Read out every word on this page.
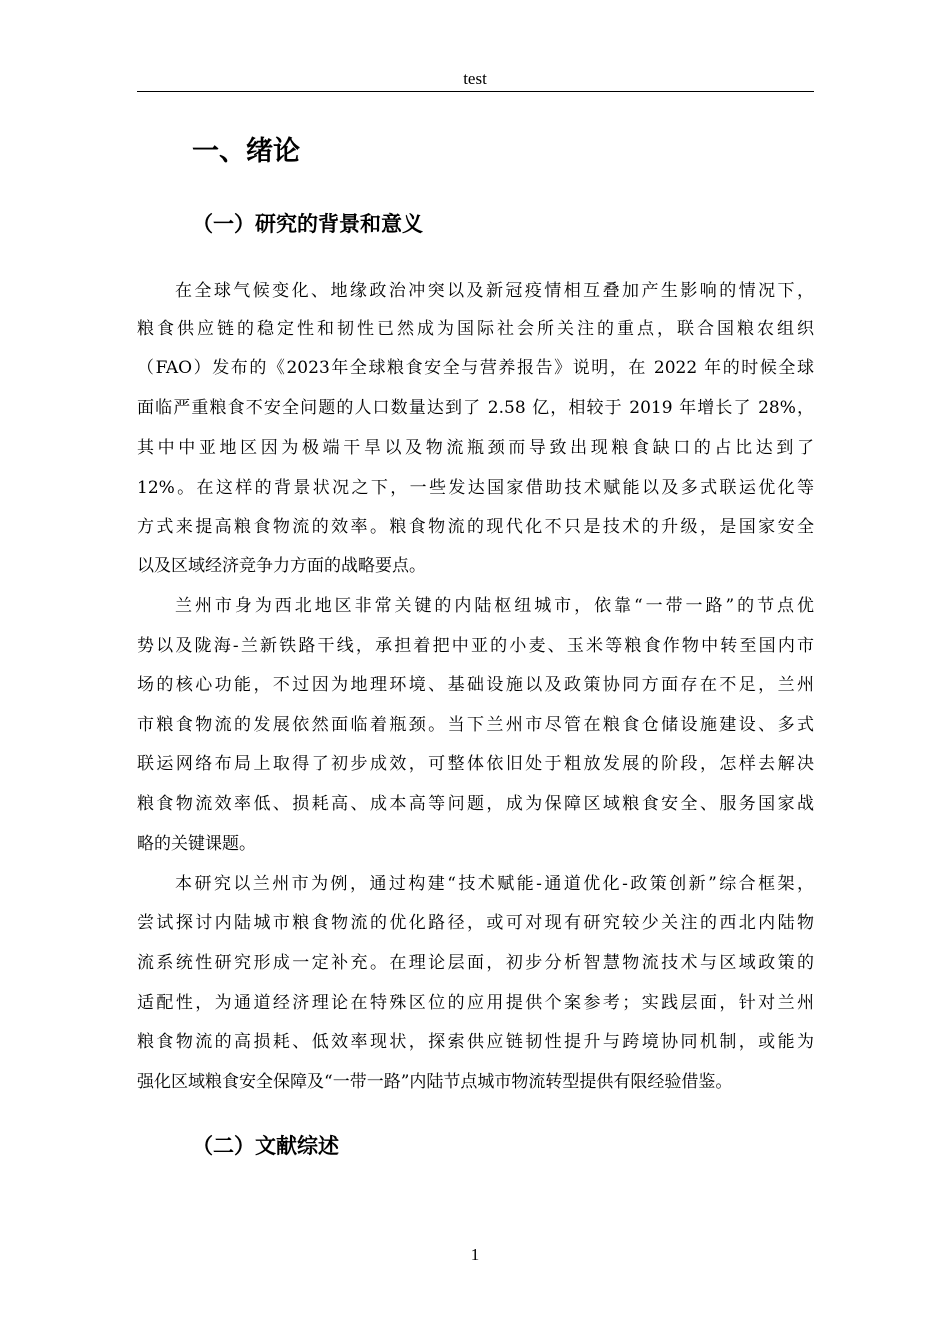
test
一、绪论
（一）研究的背景和意义
在全球气候变化、地缘政治冲突以及新冠疫情相互叠加产生影响的情况下，
粮食供应链的稳定性和韧性已然成为国际社会所关注的重点，联合国粮农组织
（FAO）发布的《2023年全球粮食安全与营养报告》说明，在 2022 年的时候全球
面临严重粮食不安全问题的人口数量达到了 2.58 亿，相较于 2019 年增长了 28%，
其中中亚地区因为极端干旱以及物流瓶颈而导致出现粮食缺口的占比达到了
12%。在这样的背景状况之下，一些发达国家借助技术赋能以及多式联运优化等
方式来提高粮食物流的效率。粮食物流的现代化不只是技术的升级，是国家安全
以及区域经济竞争力方面的战略要点。
兰州市身为西北地区非常关键的内陆枢纽城市，依靠“一带一路”的节点优
势以及陇海-兰新铁路干线，承担着把中亚的小麦、玉米等粮食作物中转至国内市
场的核心功能，不过因为地理环境、基础设施以及政策协同方面存在不足，兰州
市粮食物流的发展依然面临着瓶颈。当下兰州市尽管在粮食仓储设施建设、多式
联运网络布局上取得了初步成效，可整体依旧处于粗放发展的阶段，怎样去解决
粮食物流效率低、损耗高、成本高等问题，成为保障区域粮食安全、服务国家战
略的关键课题。
本研究以兰州市为例，通过构建“技术赋能-通道优化-政策创新”综合框架，
尝试探讨内陆城市粮食物流的优化路径，或可对现有研究较少关注的西北内陆物
流系统性研究形成一定补充。在理论层面，初步分析智慧物流技术与区域政策的
适配性，为通道经济理论在特殊区位的应用提供个案参考；实践层面，针对兰州
粮食物流的高损耗、低效率现状，探索供应链韧性提升与跨境协同机制，或能为
强化区域粮食安全保障及“一带一路”内陆节点城市物流转型提供有限经验借鉴。
（二）文献综述
1
